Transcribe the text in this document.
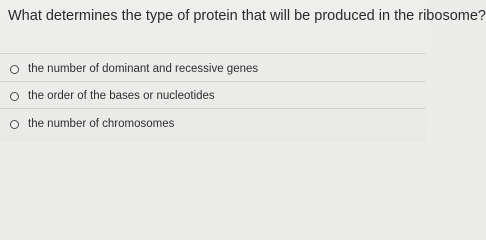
What determines the type of protein that will be produced in the ribosome?

the number of dominant and recessive genes
the order of the bases or nucleotides
the number of chromosomes
